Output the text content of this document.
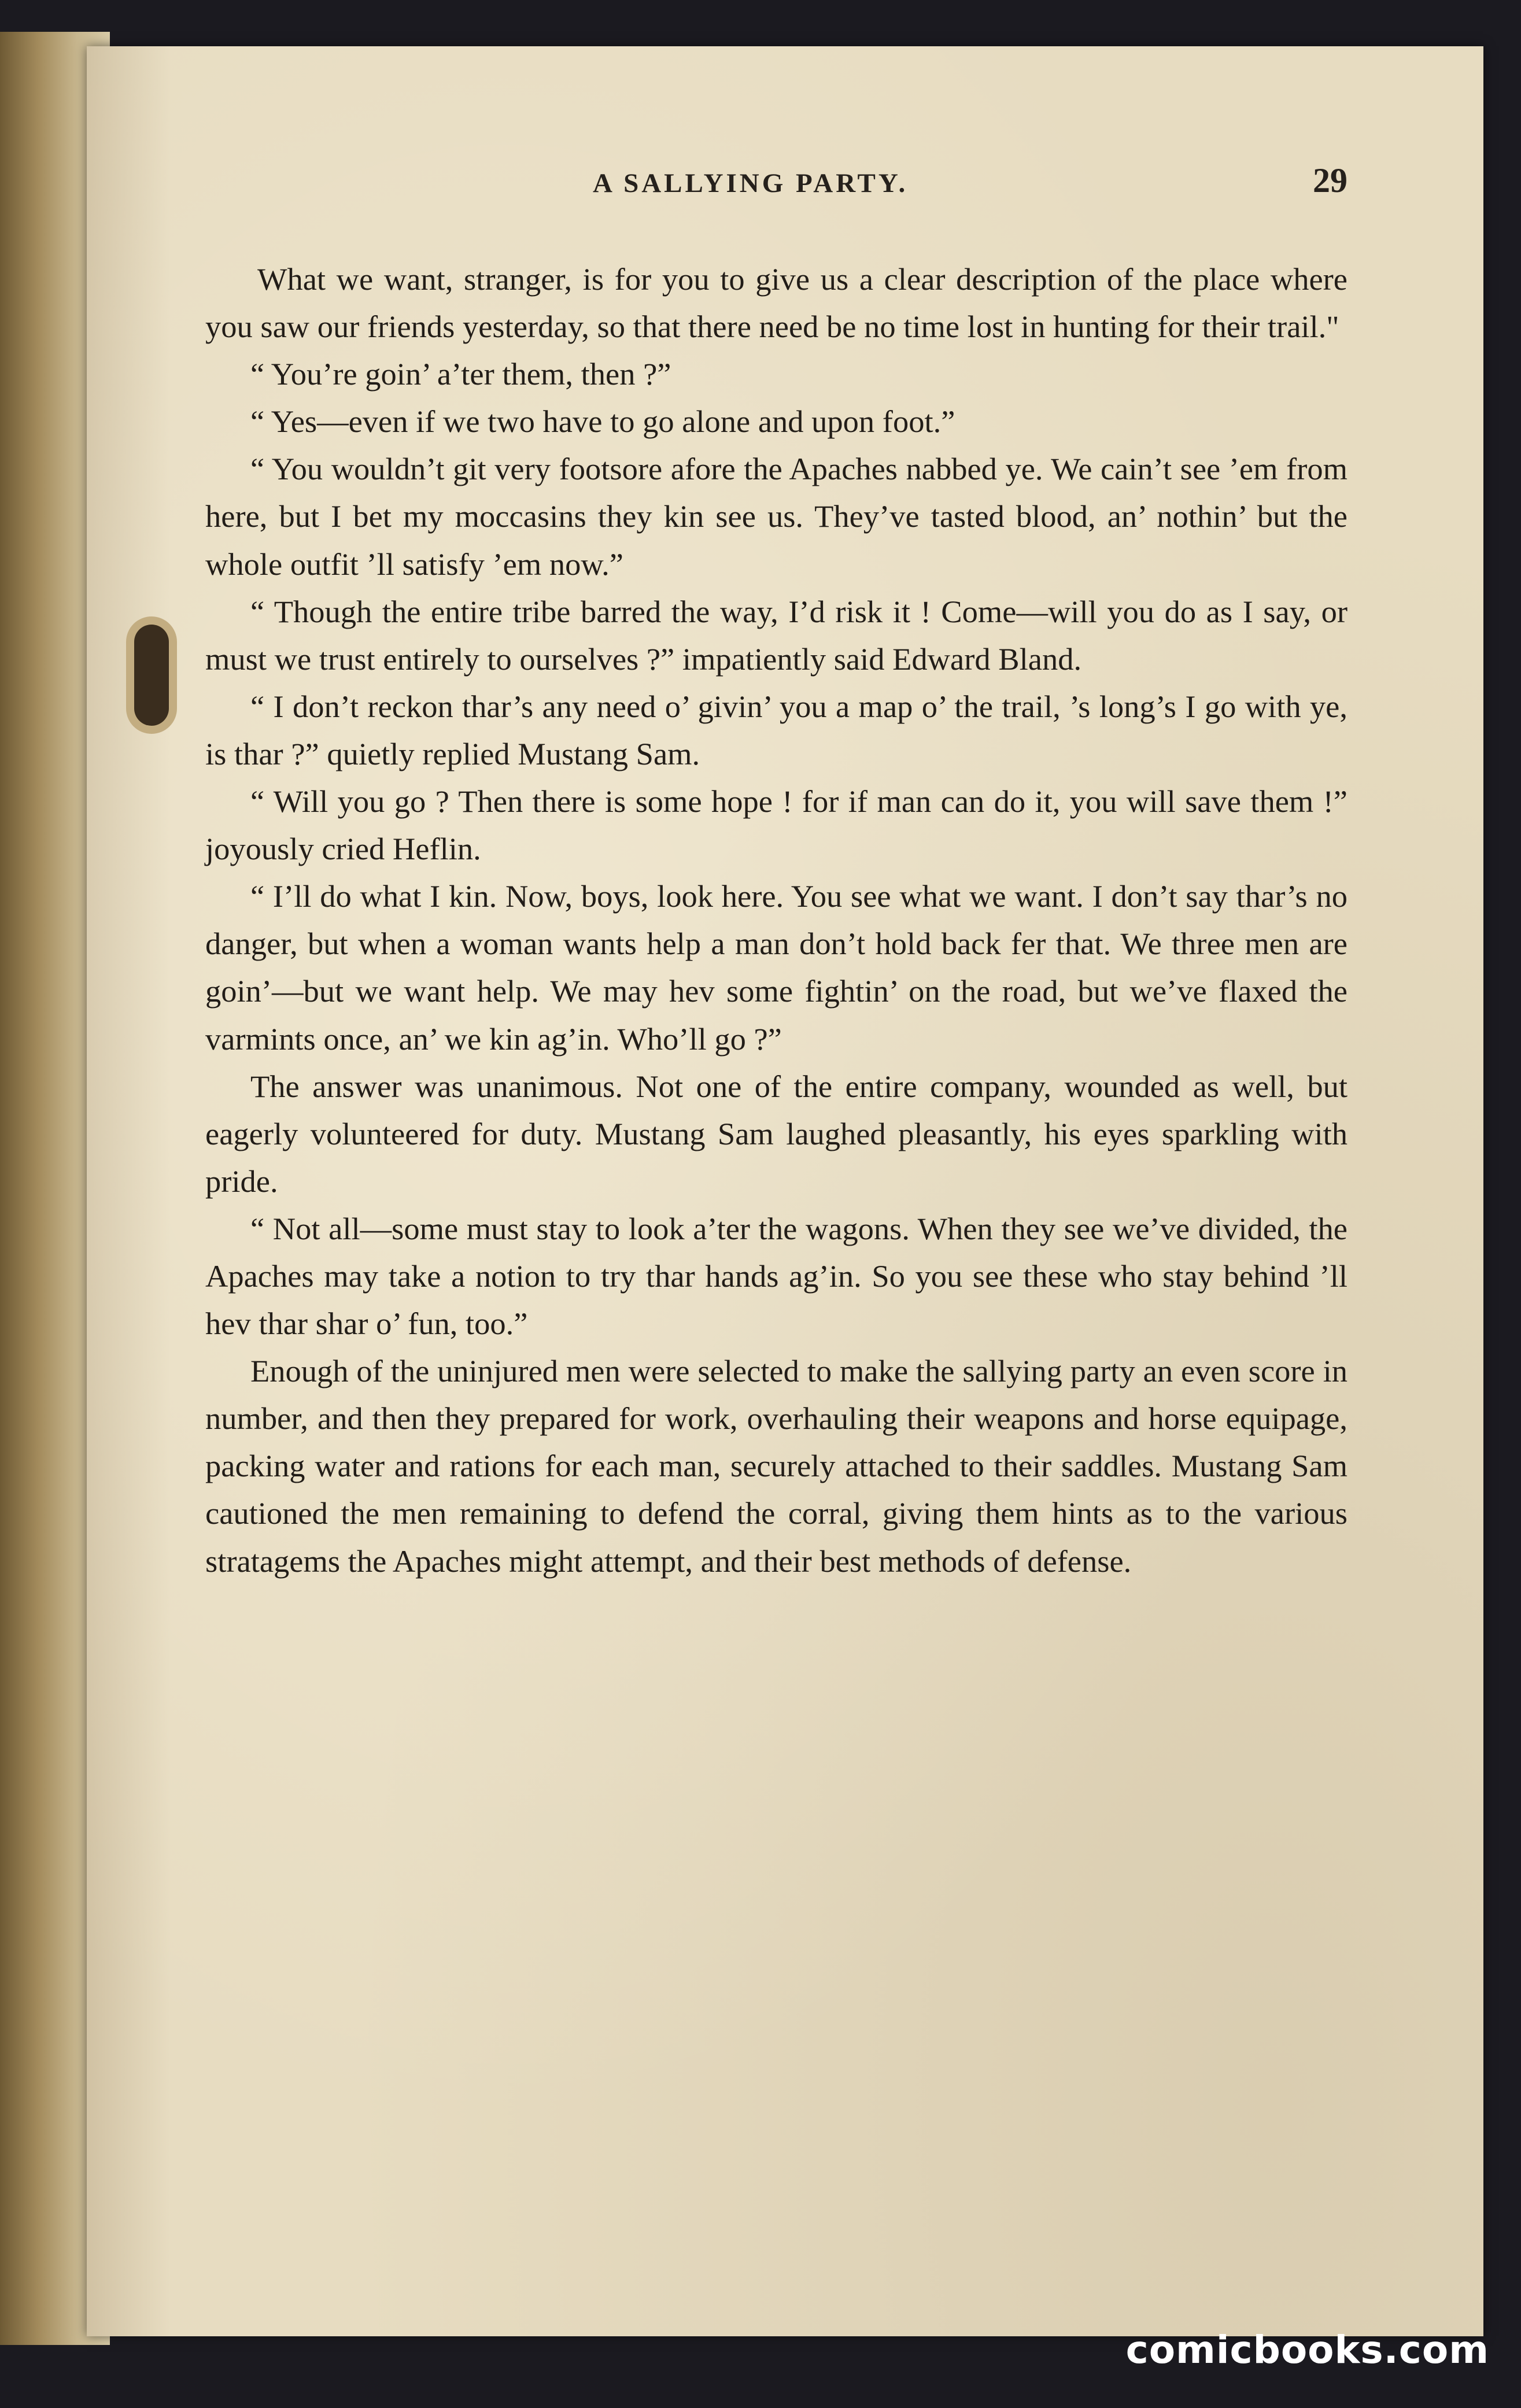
A SALLYING PARTY.	29

What we want, stranger, is for you to give us a clear description of the place where you saw our friends yesterday, so that there need be no time lost in hunting for their trail."

“ You’re goin’ a’ter them, then ?”

“ Yes—even if we two have to go alone and upon foot.”

“ You wouldn’t git very footsore afore the Apaches nabbed ye. We cain’t see ’em from here, but I bet my moccasins they kin see us. They’ve tasted blood, an’ nothin’ but the whole outfit ’ll satisfy ’em now.”

“ Though the entire tribe barred the way, I’d risk it ! Come—will you do as I say, or must we trust entirely to ourselves ?” impatiently said Edward Bland.

“ I don’t reckon thar’s any need o’ givin’ you a map o’ the trail, ’s long’s I go with ye, is thar ?” quietly replied Mustang Sam.

“ Will you go ? Then there is some hope ! for if man can do it, you will save them !” joyously cried Heflin.

“ I’ll do what I kin. Now, boys, look here. You see what we want. I don’t say thar’s no danger, but when a woman wants help a man don’t hold back fer that. We three men are goin’—but we want help. We may hev some fightin’ on the road, but we’ve flaxed the varmints once, an’ we kin ag’in. Who’ll go ?”

The answer was unanimous. Not one of the entire company, wounded as well, but eagerly volunteered for duty. Mustang Sam laughed pleasantly, his eyes sparkling with pride.

“ Not all—some must stay to look a’ter the wagons. When they see we’ve divided, the Apaches may take a notion to try thar hands ag’in. So you see these who stay behind ’ll hev thar shar o’ fun, too.”

Enough of the uninjured men were selected to make the sallying party an even score in number, and then they prepared for work, overhauling their weapons and horse equipage, packing water and rations for each man, securely attached to their saddles. Mustang Sam cautioned the men remaining to defend the corral, giving them hints as to the various stratagems the Apaches might attempt, and their best methods of defense.

comicbooks.com
